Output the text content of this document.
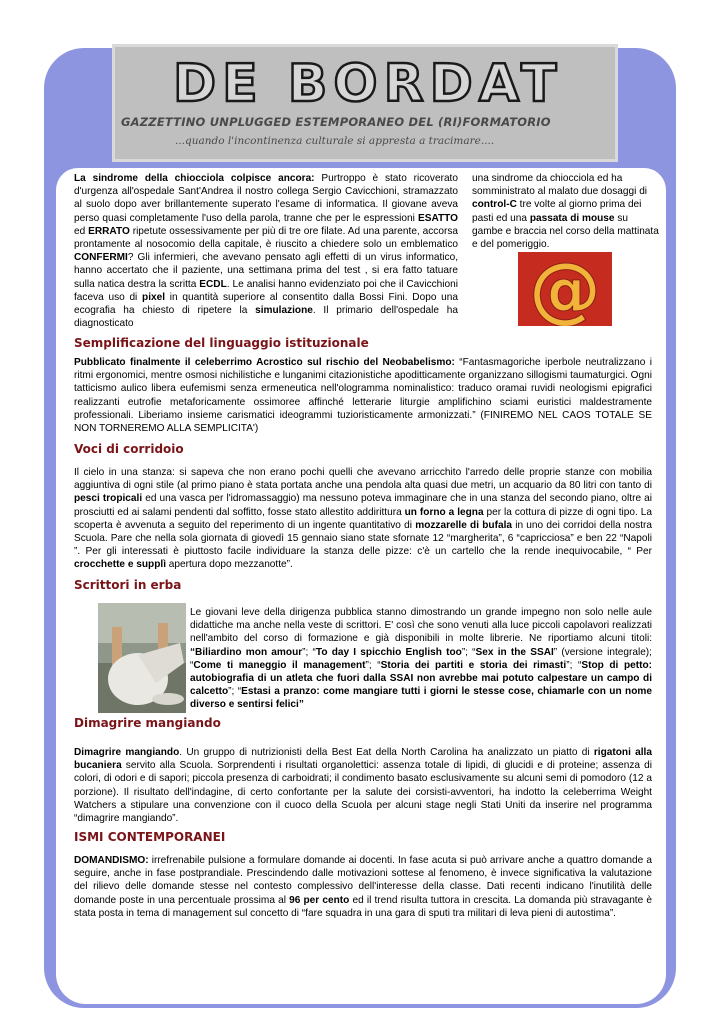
DE BORDAT
GAZZETTINO UNPLUGGED ESTEMPORANEO DEL (RI)FORMATORIO
...quando l'incontinenza culturale si appresta a tracimare....
La sindrome della chiocciola colpisce ancora: Purtroppo è stato ricoverato d'urgenza all'ospedale Sant'Andrea il nostro collega Sergio Cavicchioni, stramazzato al suolo dopo aver brillantemente superato l'esame di informatica. Il giovane aveva perso quasi completamente l'uso della parola, tranne che per le espressioni ESATTO ed ERRATO ripetute ossessivamente per più di tre ore filate. Ad una parente, accorsa prontamente al nosocomio della capitale, è riuscito a chiedere solo un emblematico CONFERMI? Gli infermieri, che avevano pensato agli effetti di un virus informatico, hanno accertato che il paziente, una settimana prima del test , si era fatto tatuare sulla natica destra la scritta ECDL. Le analisi hanno evidenziato poi che il Cavicchioni faceva uso di pixel in quantità superiore al consentito dalla Bossi Fini. Dopo una ecografia ha chiesto di ripetere la simulazione. Il primario dell'ospedale ha diagnosticato
una sindrome da chiocciola ed ha somministrato al malato due dosaggi di control-C tre volte al giorno prima dei pasti ed una passata di mouse su gambe e braccia nel corso della mattinata e del pomeriggio.
@
Semplificazione del linguaggio istituzionale
Pubblicato finalmente il celeberrimo Acrostico sul rischio del Neobabelismo: “Fantasmagoriche iperbole neutralizzano i ritmi ergonomici, mentre osmosi nichilistiche e lunganimi citazionistiche apoditticamente organizzano sillogismi taumaturgici. Ogni tatticismo aulico libera eufemismi senza ermeneutica nell'ologramma nominalistico: traduco oramai ruvidi neologismi epigrafici realizzanti eutrofie metaforicamente ossimoree affinché letterarie liturgie amplifichino sciami euristici maldestramente professionali. Liberiamo insieme carismatici ideogrammi tuzioristicamente armonizzati.” (FINIREMO NEL CAOS TOTALE SE NON TORNEREMO ALLA SEMPLICITA')
Voci di corridoio
Il cielo in una stanza: si sapeva che non erano pochi quelli che avevano arricchito l'arredo delle proprie stanze con mobilia aggiuntiva di ogni stile (al primo piano è stata portata anche una pendola alta quasi due metri, un acquario da 80 litri con tanto di pesci tropicali ed una vasca per l'idromassaggio) ma nessuno poteva immaginare che in una stanza del secondo piano, oltre ai prosciutti ed ai salami pendenti dal soffitto, fosse stato allestito addirittura un forno a legna per la cottura di pizze di ogni tipo. La scoperta è avvenuta a seguito del reperimento di un ingente quantitativo di mozzarelle di bufala in uno dei corridoi della nostra Scuola. Pare che nella sola giornata di giovedì 15 gennaio siano state sfornate 12 “margherita”, 6 “capricciosa” e ben 22 “Napoli ”. Per gli interessati è piuttosto facile individuare la stanza delle pizze: c'è un cartello che la rende inequivocabile, “ Per crocchette e supplì apertura dopo mezzanotte”.
Scrittori in erba
Le giovani leve della dirigenza pubblica stanno dimostrando un grande impegno non solo nelle aule didattiche ma anche nella veste di scrittori. E' così che sono venuti alla luce piccoli capolavori realizzati nell'ambito del corso di formazione e già disponibili in molte librerie. Ne riportiamo alcuni titoli: “Biliardino mon amour”; “To day I spicchio English too”; “Sex in the SSAI” (versione integrale); “Come ti maneggio il management”; “Storia dei partiti e storia dei rimasti”; “Stop di petto: autobiografia di un atleta che fuori dalla SSAI non avrebbe mai potuto calpestare un campo di calcetto”; “Estasi a pranzo: come mangiare tutti i giorni le stesse cose, chiamarle con un nome diverso e sentirsi felici”
Dimagrire mangiando
Dimagrire mangiando. Un gruppo di nutrizionisti della Best Eat della North Carolina ha analizzato un piatto di rigatoni alla bucaniera servito alla Scuola. Sorprendenti i risultati organolettici: assenza totale di lipidi, di glucidi e di proteine; assenza di colori, di odori e di sapori; piccola presenza di carboidrati; il condimento basato esclusivamente su alcuni semi di pomodoro (12 a porzione). Il risultato dell'indagine, di certo confortante per la salute dei corsisti-avventori, ha indotto la celeberrima Weight Watchers a stipulare una convenzione con il cuoco della Scuola per alcuni stage negli Stati Uniti da inserire nel programma “dimagrire mangiando”.
ISMI CONTEMPORANEI
DOMANDISMO: irrefrenabile pulsione a formulare domande ai docenti. In fase acuta si può arrivare anche a quattro domande a seguire, anche in fase postprandiale. Prescindendo dalle motivazioni sottese al fenomeno, è invece significativa la valutazione del rilievo delle domande stesse nel contesto complessivo dell'interesse della classe. Dati recenti indicano l'inutilità delle domande poste in una percentuale prossima al 96 per cento ed il trend risulta tuttora in crescita. La domanda più stravagante è stata posta in tema di management sul concetto di “fare squadra in una gara di sputi tra militari di leva pieni di autostima”.
